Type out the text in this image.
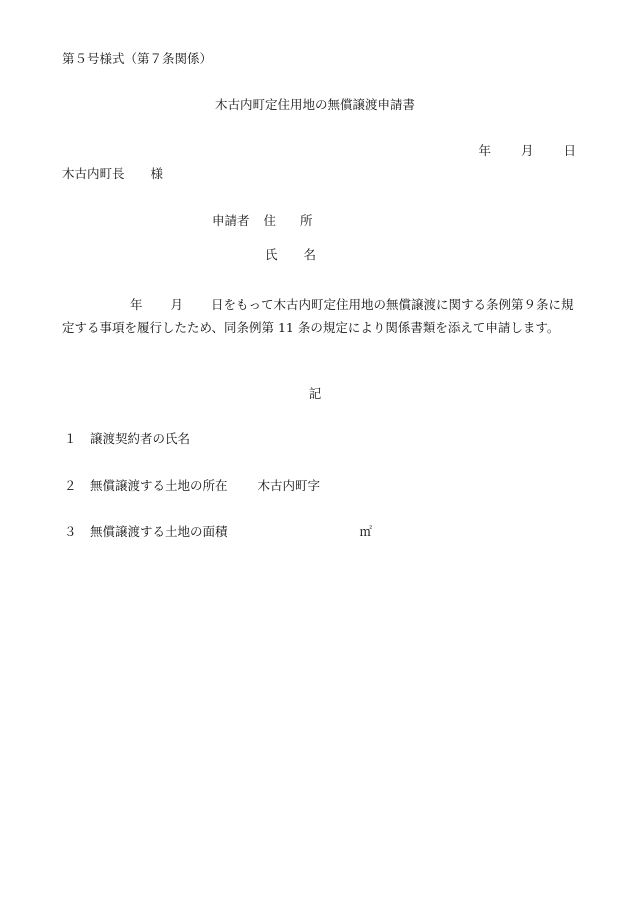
第５号様式（第７条関係）
木古内町定住用地の無償譲渡申請書
年 月 日
木古内町長 様
申請者 住 所
氏 名

年 月 日をもって木古内町定住用地の無償譲渡に関する条例第９条に規定する事項を履行したため、同条例第 11 条の規定により関係書類を添えて申請します。

記
１ 譲渡契約者の氏名
２ 無償譲渡する土地の所在 木古内町字
３ 無償譲渡する土地の面積	㎡
